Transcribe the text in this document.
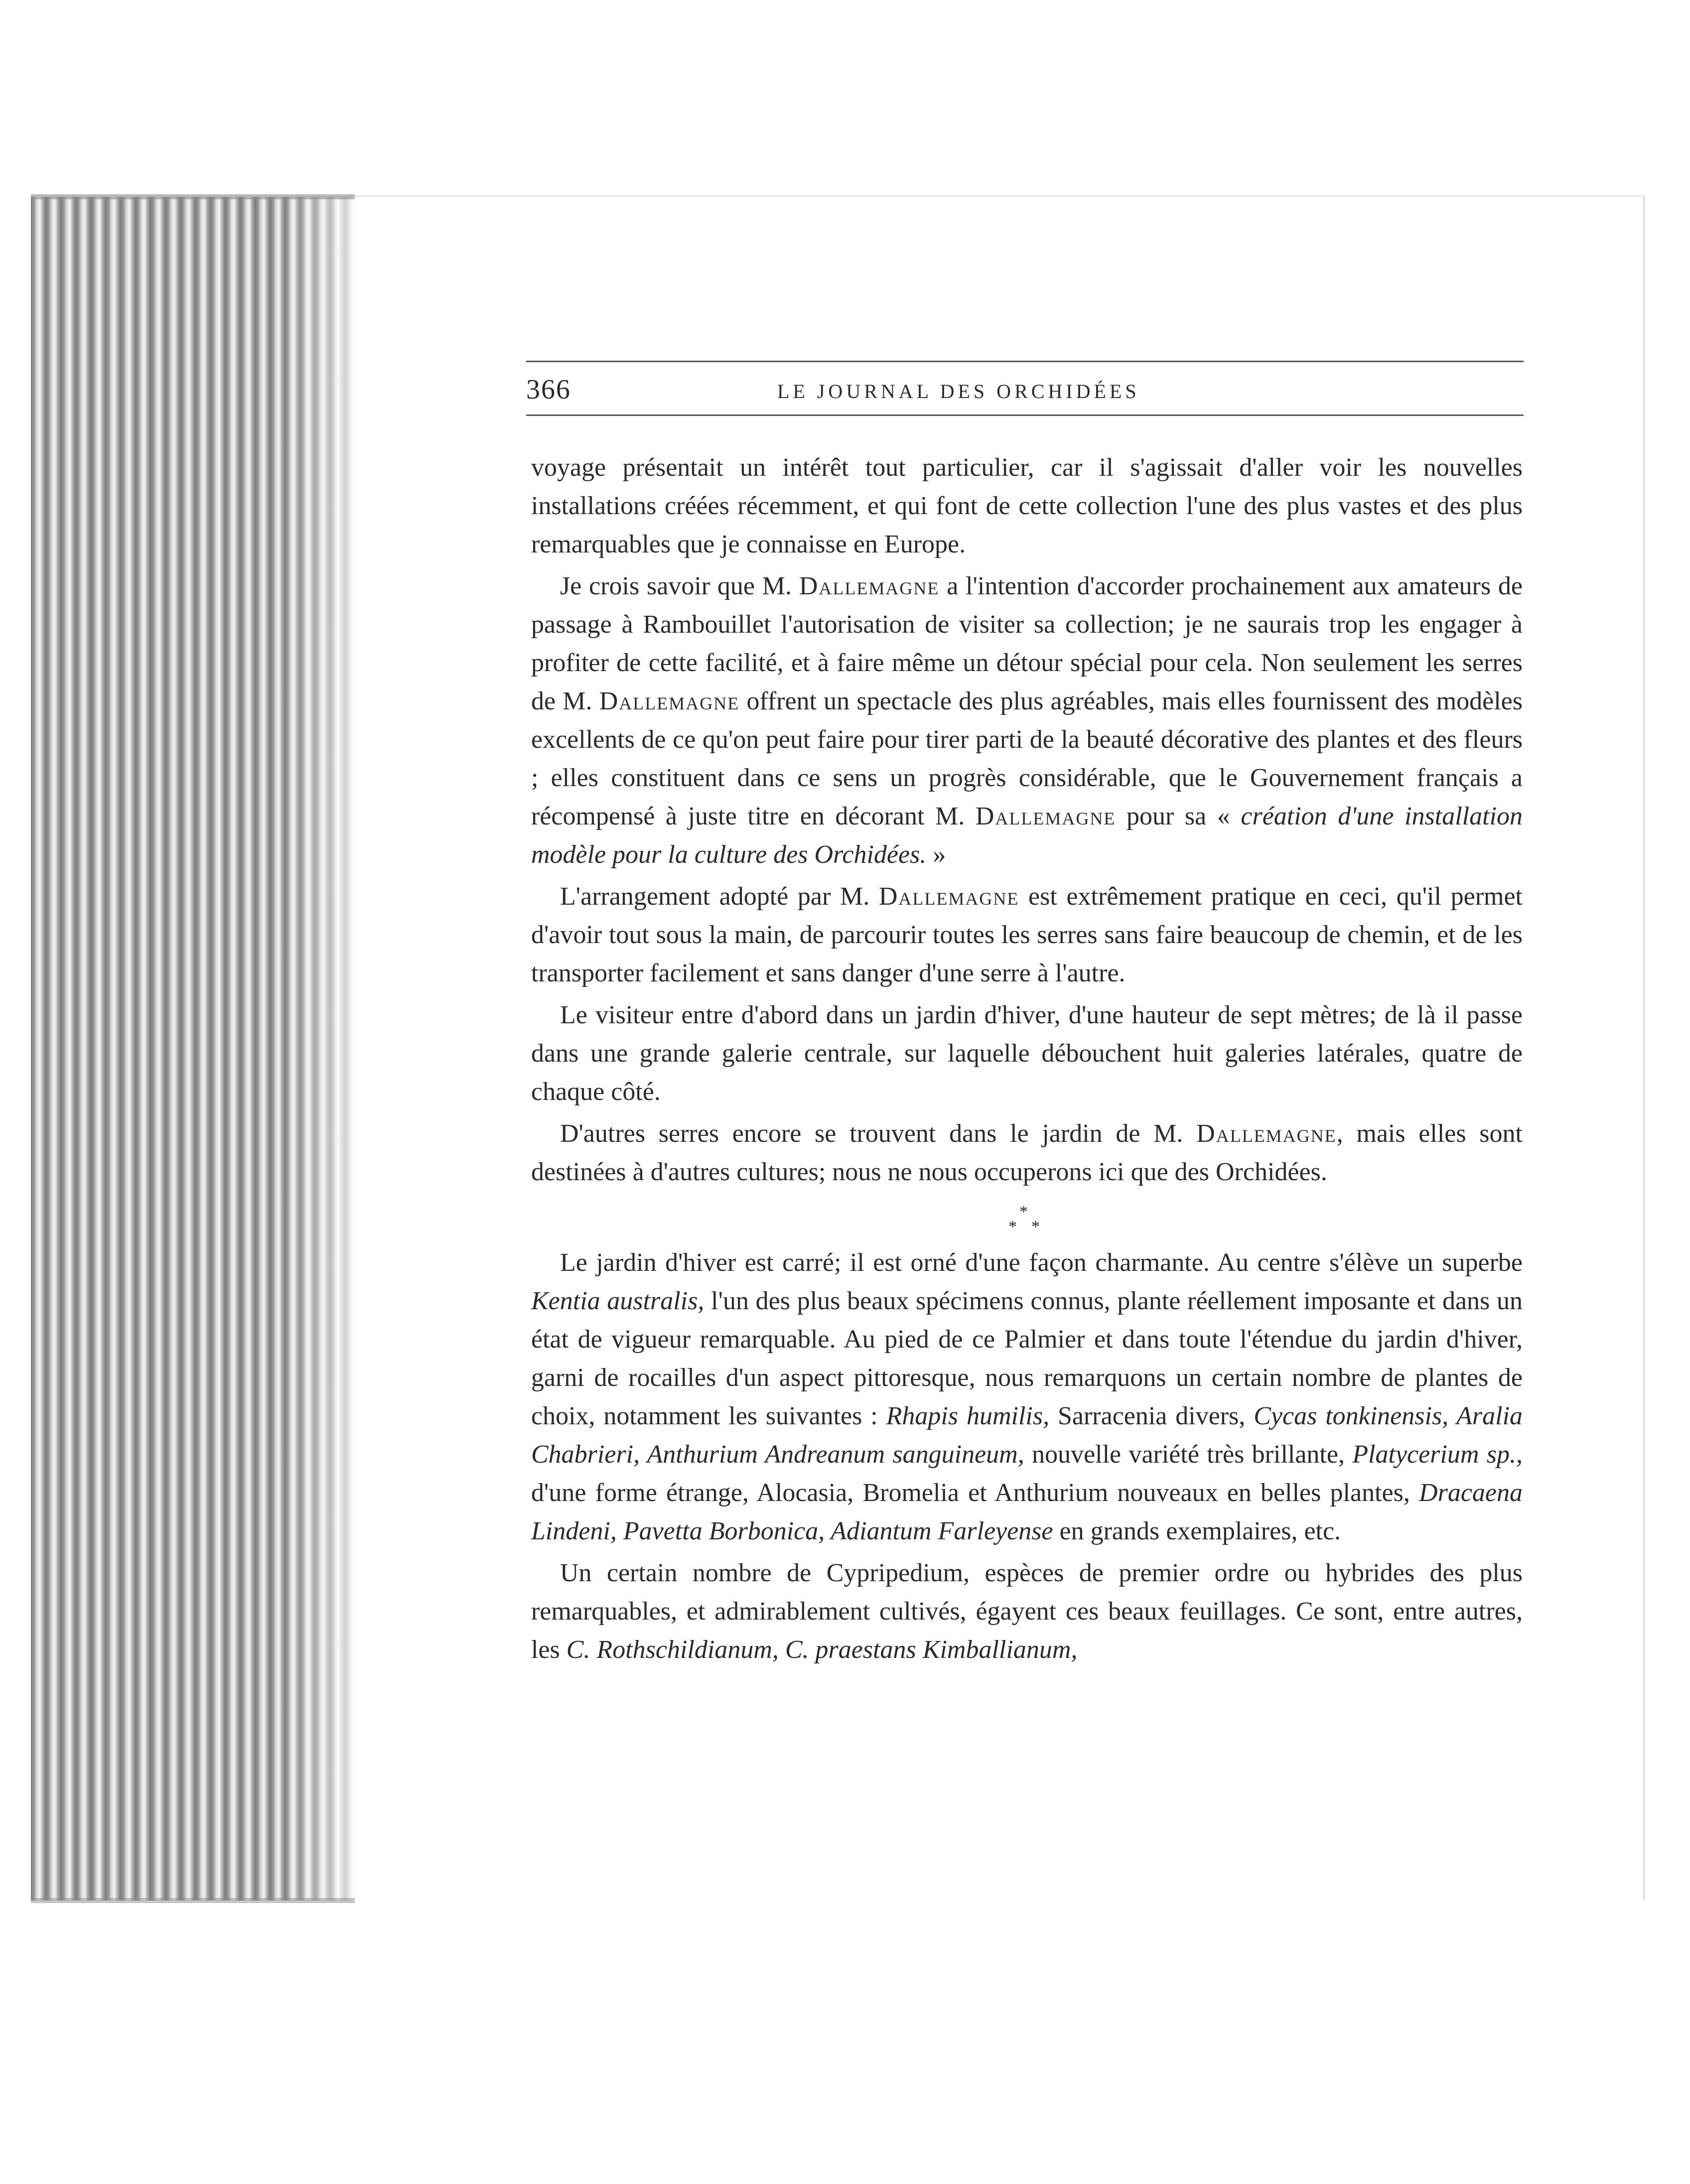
366	LE JOURNAL DES ORCHIDÉES

voyage présentait un intérêt tout particulier, car il s'agissait d'aller voir les nouvelles installations créées récemment, et qui font de cette collection l'une des plus vastes et des plus remarquables que je connaisse en Europe.

Je crois savoir que M. Dallemagne a l'intention d'accorder prochainement aux amateurs de passage à Rambouillet l'autorisation de visiter sa collection; je ne saurais trop les engager à profiter de cette facilité, et à faire même un détour spécial pour cela. Non seulement les serres de M. Dallemagne offrent un spectacle des plus agréables, mais elles fournissent des modèles excellents de ce qu'on peut faire pour tirer parti de la beauté décorative des plantes et des fleurs ; elles constituent dans ce sens un progrès considérable, que le Gouvernement français a récompensé à juste titre en décorant M. Dallemagne pour sa « création d'une installation modèle pour la culture des Orchidées. »

L'arrangement adopté par M. Dallemagne est extrêmement pratique en ceci, qu'il permet d'avoir tout sous la main, de parcourir toutes les serres sans faire beaucoup de chemin, et de les transporter facilement et sans danger d'une serre à l'autre.

Le visiteur entre d'abord dans un jardin d'hiver, d'une hauteur de sept mètres; de là il passe dans une grande galerie centrale, sur laquelle débouchent huit galeries latérales, quatre de chaque côté.

D'autres serres encore se trouvent dans le jardin de M. Dallemagne, mais elles sont destinées à d'autres cultures; nous ne nous occuperons ici que des Orchidées.

*
* *

Le jardin d'hiver est carré; il est orné d'une façon charmante. Au centre s'élève un superbe Kentia australis, l'un des plus beaux spécimens connus, plante réellement imposante et dans un état de vigueur remarquable. Au pied de ce Palmier et dans toute l'étendue du jardin d'hiver, garni de rocailles d'un aspect pittoresque, nous remarquons un certain nombre de plantes de choix, notamment les suivantes : Rhapis humilis, Sarracenia divers, Cycas tonkinensis, Aralia Chabrieri, Anthurium Andreanum sanguineum, nouvelle variété très brillante, Platycerium sp., d'une forme étrange, Alocasia, Bromelia et Anthurium nouveaux en belles plantes, Dracaena Lindeni, Pavetta Borbonica, Adiantum Farleyense en grands exemplaires, etc.

Un certain nombre de Cypripedium, espèces de premier ordre ou hybrides des plus remarquables, et admirablement cultivés, égayent ces beaux feuillages. Ce sont, entre autres, les C. Rothschildianum, C. praestans Kimballianum,
